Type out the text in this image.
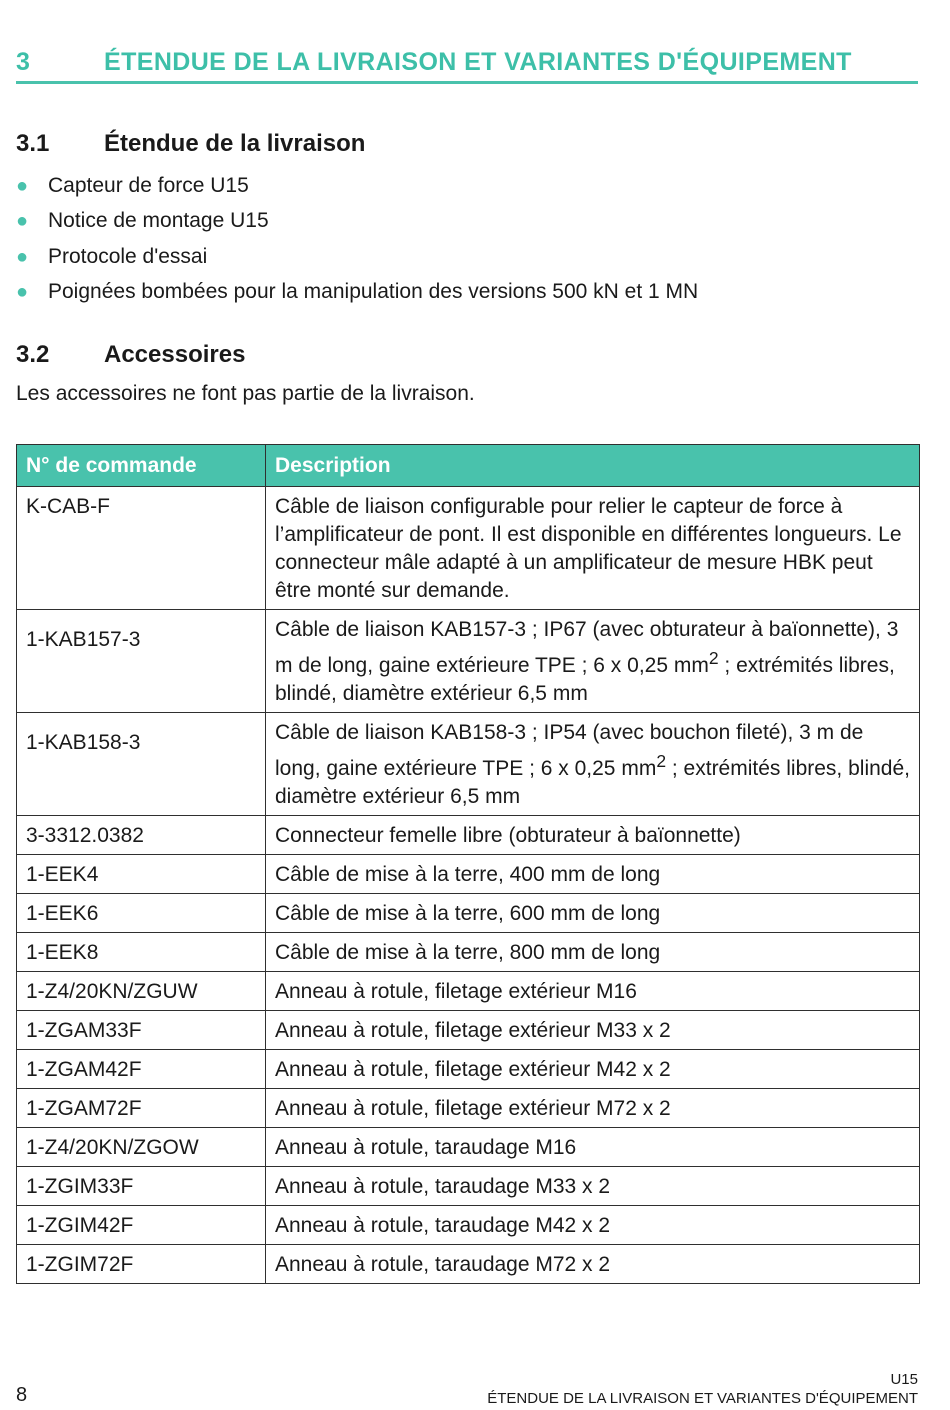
3	ÉTENDUE DE LA LIVRAISON ET VARIANTES D'ÉQUIPEMENT
3.1 Étendue de la livraison
● Capteur de force U15
● Notice de montage U15
● Protocole d'essai
● Poignées bombées pour la manipulation des versions 500 kN et 1 MN
3.2 Accessoires
Les accessoires ne font pas partie de la livraison.
N° de commande	Description
K-CAB-F	Câble de liaison configurable pour relier le capteur de force à l’amplificateur de pont. Il est disponible en différentes longueurs. Le connecteur mâle adapté à un amplificateur de mesure HBK peut être monté sur demande.
1-KAB157-3	Câble de liaison KAB157-3 ; IP67 (avec obturateur à baïonnette), 3 m de long, gaine extérieure TPE ; 6 x 0,25 $mm^2$ ; extrémités libres, blindé, diamètre extérieur 6,5 mm
1-KAB158-3	Câble de liaison KAB158-3 ; IP54 (avec bouchon fileté), 3 m de long, gaine extérieure TPE ; 6 x 0,25 $mm^2$ ; extrémités libres, blindé, diamètre extérieur 6,5 mm
3-3312.0382	Connecteur femelle libre (obturateur à baïonnette)
1-EEK4	Câble de mise à la terre, 400 mm de long
1-EEK6	Câble de mise à la terre, 600 mm de long
1-EEK8	Câble de mise à la terre, 800 mm de long
1-Z4/20KN/ZGUW	Anneau à rotule, filetage extérieur M16
1-ZGAM33F	Anneau à rotule, filetage extérieur M33 x 2
1-ZGAM42F	Anneau à rotule, filetage extérieur M42 x 2
1-ZGAM72F	Anneau à rotule, filetage extérieur M72 x 2
1-Z4/20KN/ZGOW	Anneau à rotule, taraudage M16
1-ZGIM33F	Anneau à rotule, taraudage M33 x 2
1-ZGIM42F	Anneau à rotule, taraudage M42 x 2
1-ZGIM72F	Anneau à rotule, taraudage M72 x 2
8
U15
ÉTENDUE DE LA LIVRAISON ET VARIANTES D'ÉQUIPEMENT
